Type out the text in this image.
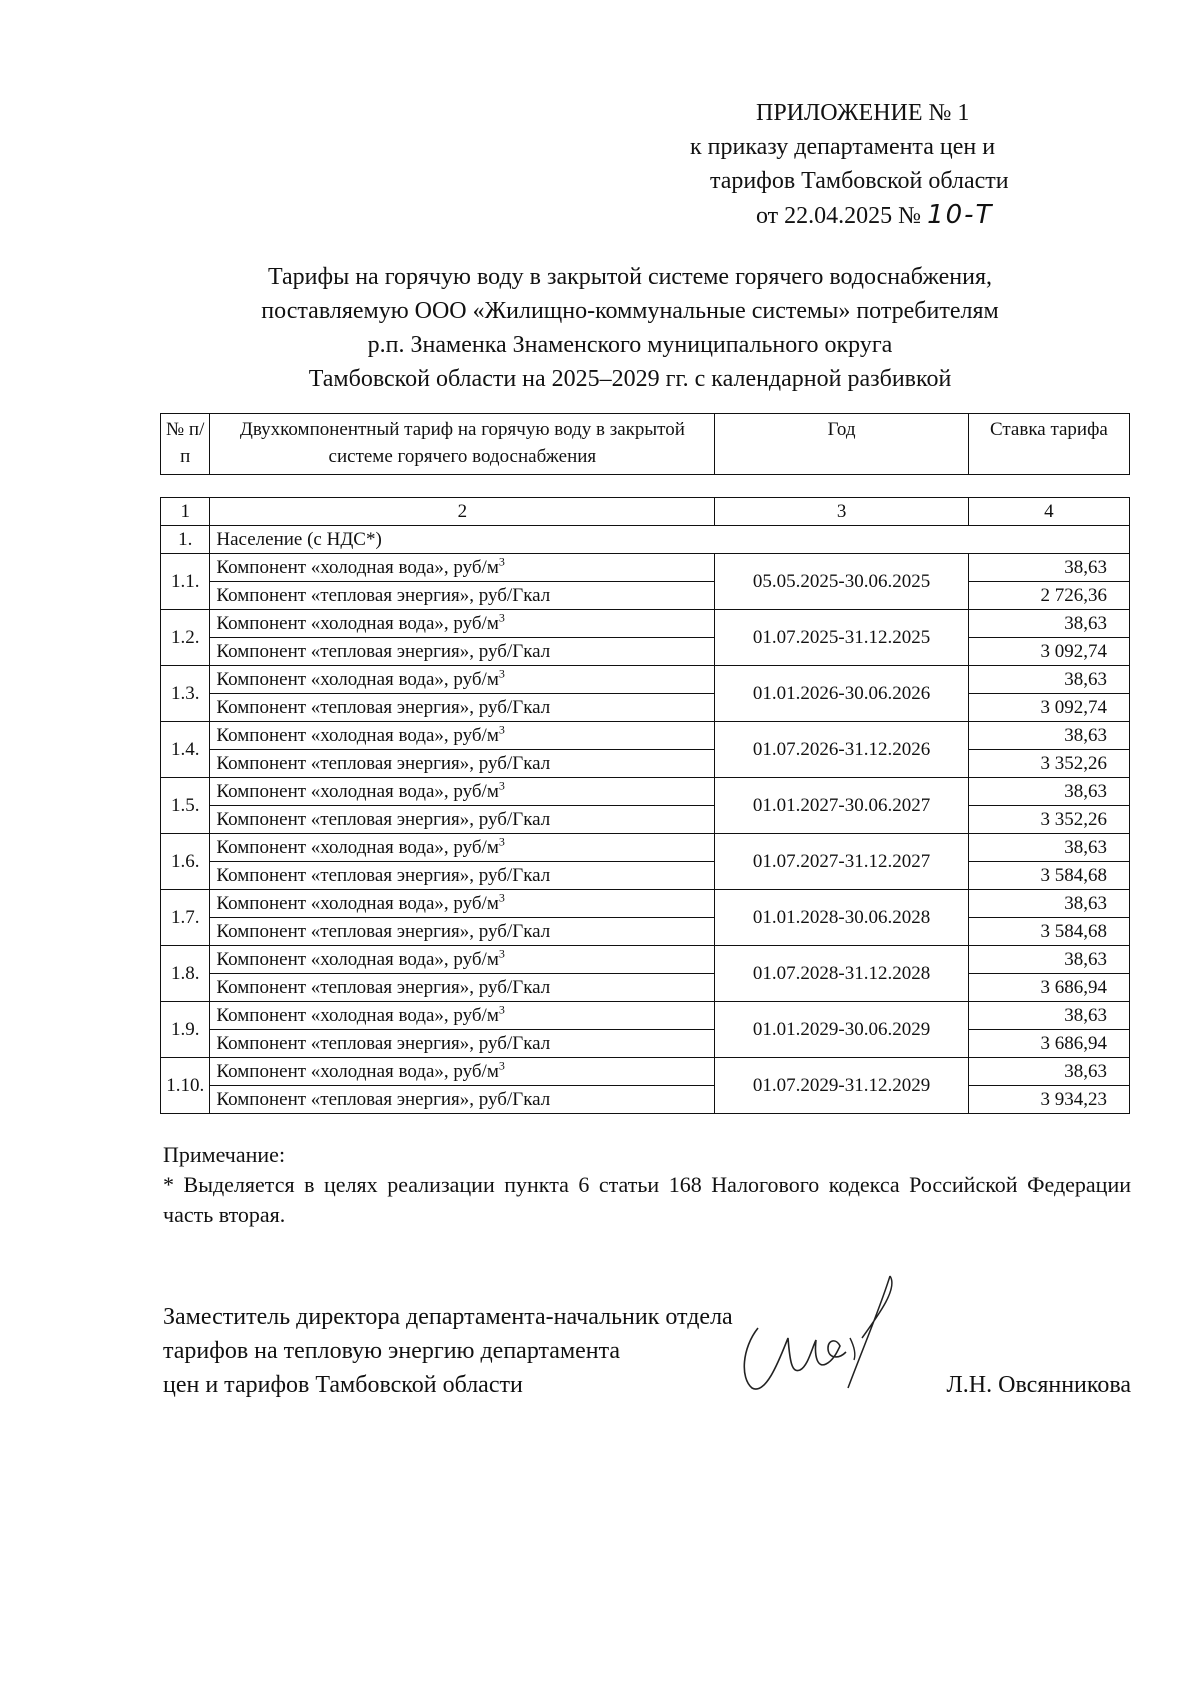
ПРИЛОЖЕНИЕ № 1
к приказу департамента цен и
тарифов Тамбовской области
от 22.04.2025 № 10-Т
Тарифы на горячую воду в закрытой системе горячего водоснабжения,
поставляемую ООО «Жилищно-коммунальные системы» потребителям
р.п. Знаменка Знаменского муниципального округа
Тамбовской области на 2025–2029 гг. с календарной разбивкой
№ п/п	Двухкомпонентный тариф на горячую воду в закрытой системе горячего водоснабжения	Год	Ставка тарифа
1	2	3	4
1.	Население (с НДС*)		
1.1.	Компонент «холодная вода», руб/$м^3$	05.05.2025-30.06.2025	38,63
	Компонент «тепловая энергия», руб/Гкал		2 726,36
1.2.	Компонент «холодная вода», руб/$м^3$	01.07.2025-31.12.2025	38,63
	Компонент «тепловая энергия», руб/Гкал		3 092,74
1.3.	Компонент «холодная вода», руб/$м^3$	01.01.2026-30.06.2026	38,63
	Компонент «тепловая энергия», руб/Гкал		3 092,74
1.4.	Компонент «холодная вода», руб/$м^3$	01.07.2026-31.12.2026	38,63
	Компонент «тепловая энергия», руб/Гкал		3 352,26
1.5.	Компонент «холодная вода», руб/$м^3$	01.01.2027-30.06.2027	38,63
	Компонент «тепловая энергия», руб/Гкал		3 352,26
1.6.	Компонент «холодная вода», руб/$м^3$	01.07.2027-31.12.2027	38,63
	Компонент «тепловая энергия», руб/Гкал		3 584,68
1.7.	Компонент «холодная вода», руб/$м^3$	01.01.2028-30.06.2028	38,63
	Компонент «тепловая энергия», руб/Гкал		3 584,68
1.8.	Компонент «холодная вода», руб/$м^3$	01.07.2028-31.12.2028	38,63
	Компонент «тепловая энергия», руб/Гкал		3 686,94
1.9.	Компонент «холодная вода», руб/$м^3$	01.01.2029-30.06.2029	38,63
	Компонент «тепловая энергия», руб/Гкал		3 686,94
1.10.	Компонент «холодная вода», руб/$м^3$	01.07.2029-31.12.2029	38,63
	Компонент «тепловая энергия», руб/Гкал		3 934,23
Примечание:
* Выделяется в целях реализации пункта 6 статьи 168 Налогового кодекса Российской Федерации часть вторая.
Заместитель директора департамента-начальник отдела
тарифов на тепловую энергию департамента
цен и тарифов Тамбовской области	Л.Н. Овсянникова
